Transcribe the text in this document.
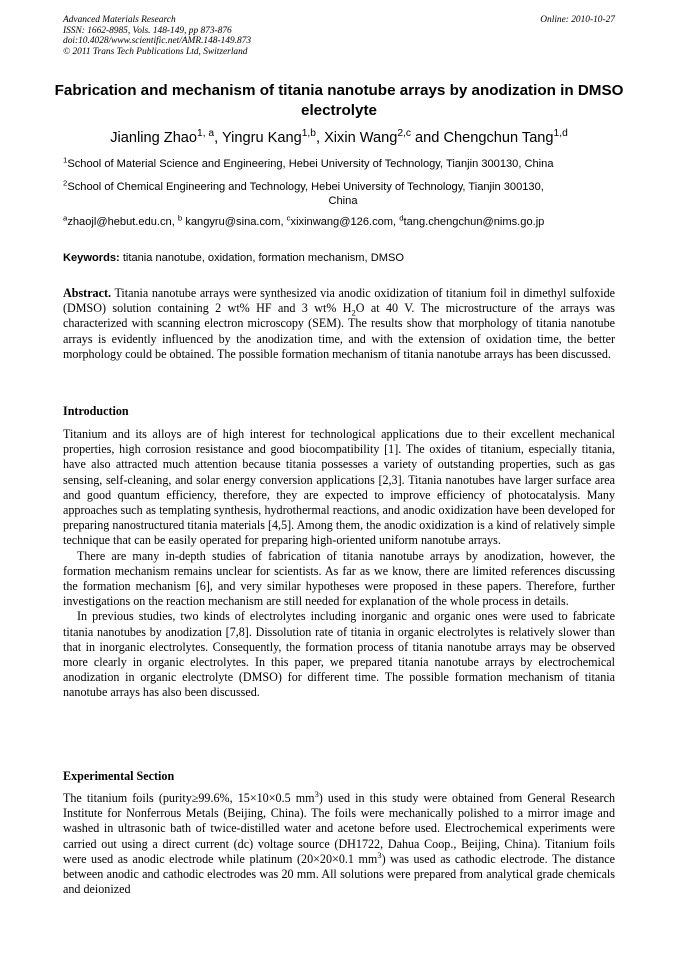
Advanced Materials Research
ISSN: 1662-8985, Vols. 148-149, pp 873-876
doi:10.4028/www.scientific.net/AMR.148-149.873
© 2011 Trans Tech Publications Ltd, Switzerland
Online: 2010-10-27
Fabrication and mechanism of titania nanotube arrays by anodization in DMSO electrolyte
Jianling Zhao$^{1, a}$, Yingru Kang$^{1,b}$, Xixin Wang$^{2,c}$ and Chengchun Tang$^{1,d}$
$^1$School of Material Science and Engineering, Hebei University of Technology, Tianjin 300130, China
$^2$School of Chemical Engineering and Technology, Hebei University of Technology, Tianjin 300130,
China
$^a$zhaojl@hebut.edu.cn, $^b$ kangyru@sina.com, $^c$xixinwang@126.com, $^d$tang.chengchun@nims.go.jp
Keywords: titania nanotube, oxidation, formation mechanism, DMSO
Abstract. Titania nanotube arrays were synthesized via anodic oxidization of titanium foil in dimethyl sulfoxide (DMSO) solution containing 2 wt% HF and 3 wt% $H_2O$ at 40 V. The microstructure of the arrays was characterized with scanning electron microscopy (SEM). The results show that morphology of titania nanotube arrays is evidently influenced by the anodization time, and with the extension of oxidation time, the better morphology could be obtained. The possible formation mechanism of titania nanotube arrays has been discussed.
Introduction

Titanium and its alloys are of high interest for technological applications due to their excellent mechanical properties, high corrosion resistance and good biocompatibility [1]. The oxides of titanium, especially titania, have also attracted much attention because titania possesses a variety of outstanding properties, such as gas sensing, self-cleaning, and solar energy conversion applications [2,3]. Titania nanotubes have larger surface area and good quantum efficiency, therefore, they are expected to improve efficiency of photocatalysis. Many approaches such as templating synthesis, hydrothermal reactions, and anodic oxidization have been developed for preparing nanostructured titania materials [4,5]. Among them, the anodic oxidization is a kind of relatively simple technique that can be easily operated for preparing high-oriented uniform nanotube arrays.

There are many in-depth studies of fabrication of titania nanotube arrays by anodization, however, the formation mechanism remains unclear for scientists. As far as we know, there are limited references discussing the formation mechanism [6], and very similar hypotheses were proposed in these papers. Therefore, further investigations on the reaction mechanism are still needed for explanation of the whole process in details.

In previous studies, two kinds of electrolytes including inorganic and organic ones were used to fabricate titania nanotubes by anodization [7,8]. Dissolution rate of titania in organic electrolytes is relatively slower than that in inorganic electrolytes. Consequently, the formation process of titania nanotube arrays may be observed more clearly in organic electrolytes. In this paper, we prepared titania nanotube arrays by electrochemical anodization in organic electrolyte (DMSO) for different time. The possible formation mechanism of titania nanotube arrays has also been discussed.

Experimental Section

The titanium foils (purity≥99.6%, 15×10×0.5 $mm^3$) used in this study were obtained from General Research Institute for Nonferrous Metals (Beijing, China). The foils were mechanically polished to a mirror image and washed in ultrasonic bath of twice-distilled water and acetone before used. Electrochemical experiments were carried out using a direct current (dc) voltage source (DH1722, Dahua Coop., Beijing, China). Titanium foils were used as anodic electrode while platinum (20×20×0.1 $mm^3$) was used as cathodic electrode. The distance between anodic and cathodic electrodes was 20 mm. All solutions were prepared from analytical grade chemicals and deionized
